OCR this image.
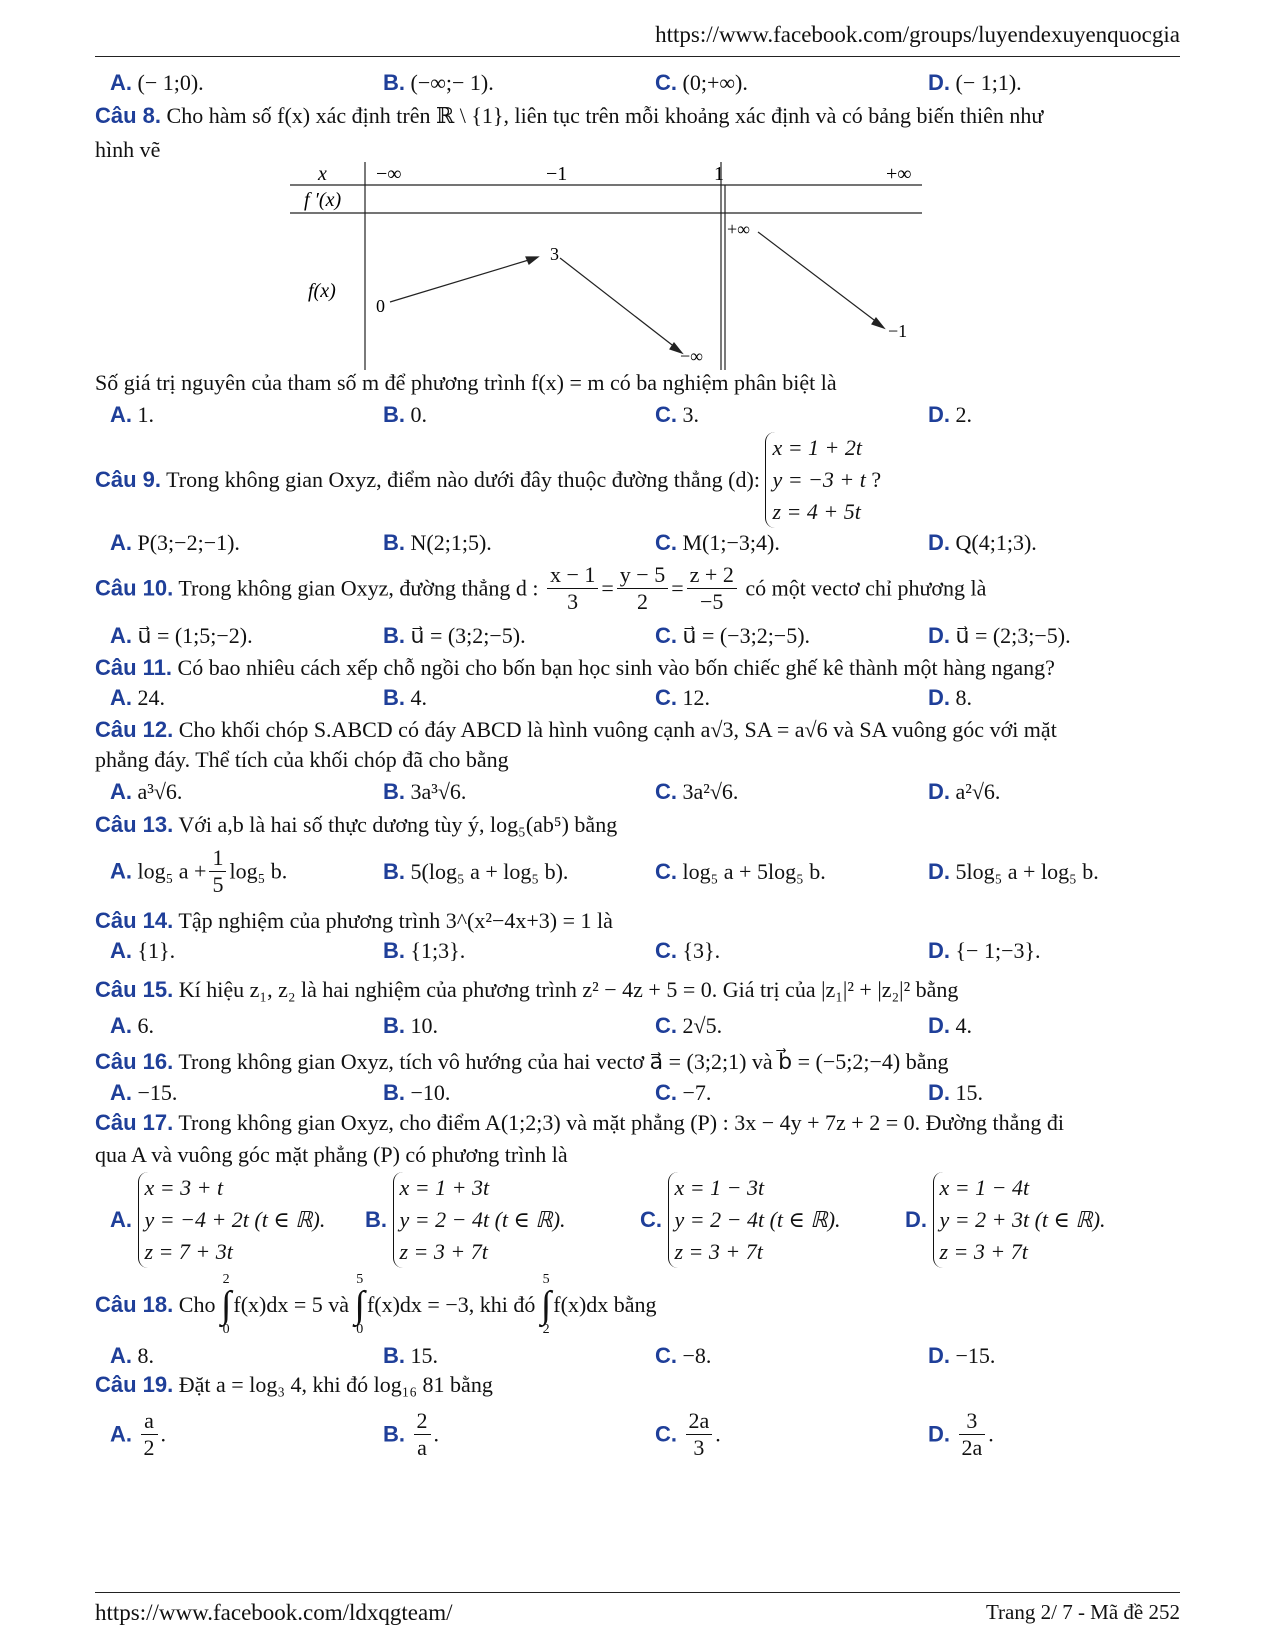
https://www.facebook.com/groups/luyendexuyenquocgia
A. (− 1;0).	B. (−∞;− 1).	C. (0;+∞).	D. (− 1;1).
Câu 8. Cho hàm số f(x) xác định trên ℝ \ {1}, liên tục trên mỗi khoảng xác định và có bảng biến thiên như
hình vẽ
x
f ′(x)
f(x)
−∞	−1	1	+∞
0
3
−∞
+∞
−1
Số giá trị nguyên của tham số m để phương trình f(x) = m có ba nghiệm phân biệt là
A. 1.	B. 0.	C. 3.	D. 2.
Câu 9. Trong không gian Oxyz, điểm nào dưới đây thuộc đường thẳng (d):
x = 1 + 2t
y = −3 + t
z = 4 + 5t
?
A. P(3;−2;−1).	B. N(2;1;5).	C. M(1;−3;4).	D. Q(4;1;3).
Câu 10. Trong không gian Oxyz, đường thẳng d : $\frac{x - 1}{3} = \frac{y - 5}{2} = \frac{z + 2}{-5}$ có một vectơ chỉ phương là
A. u⃗ = (1;5;−2).	B. u⃗ = (3;2;−5).	C. u⃗ = (−3;2;−5).	D. u⃗ = (2;3;−5).
Câu 11. Có bao nhiêu cách xếp chỗ ngồi cho bốn bạn học sinh vào bốn chiếc ghế kê thành một hàng ngang?
A. 24.	B. 4.	C. 12.	D. 8.
Câu 12. Cho khối chóp S.ABCD có đáy ABCD là hình vuông cạnh a√3, SA = a√6 và SA vuông góc với mặt
phẳng đáy. Thể tích của khối chóp đã cho bằng
A. a³√6.	B. 3a³√6.	C. 3a²√6.	D. a²√6.
Câu 13. Với a,b là hai số thực dương tùy ý, log₅(ab⁵) bằng
A. log₅ $a + \frac{1}{5} \log_5$ b.	B. 5(log₅ a + log₅ b).	C. log₅ a + 5log₅ b.	D. 5log₅ a + log₅ b.
Câu 14. Tập nghiệm của phương trình 3^(x²−4x+3) = 1 là
A. {1}.	B. {1;3}.	C. {3}.	D. {− 1;−3}.
Câu 15. Kí hiệu z₁, z₂ là hai nghiệm của phương trình z² − 4z + 5 = 0. Giá trị của |z₁|² + |z₂|² bằng
A. 6.	B. 10.	C. 2√5.	D. 4.
Câu 16. Trong không gian Oxyz, tích vô hướng của hai vectơ a⃗ = (3;2;1) và b⃗ = (−5;2;−4) bằng
A. −15.	B. −10.	C. −7.	D. 15.
Câu 17. Trong không gian Oxyz, cho điểm A(1;2;3) và mặt phẳng (P) : 3x − 4y + 7z + 2 = 0. Đường thẳng đi
qua A và vuông góc mặt phẳng (P) có phương trình là
A.
x = 3 + t
y = −4 + 2t (t ∈ ℝ).
z = 7 + 3t
B.
x = 1 + 3t
y = 2 − 4t (t ∈ ℝ).
z = 3 + 7t
C.
x = 1 − 3t
y = 2 − 4t (t ∈ ℝ).
z = 3 + 7t
D.
x = 1 − 4t
y = 2 + 3t (t ∈ ℝ).
z = 3 + 7t
Câu 18. Cho 2
∫
0f(x)dx = 5 và 5
∫
0f(x)dx = −3, khi đó 5
∫
2f(x)dx bằng
A. 8.	B. 15.	C. −8.	D. −15.
Câu 19. Đặt a = log₃ 4, khi đó log₁₆ 81 bằng
A. $\frac{a}{2}$ .	B. $\frac{2}{a}$ .	C. $\frac{2a}{3}$ .	D. $\frac{3}{2a}$ .
https://www.facebook.com/ldxqgteam/	Trang 2/ 7 - Mã đề 252
